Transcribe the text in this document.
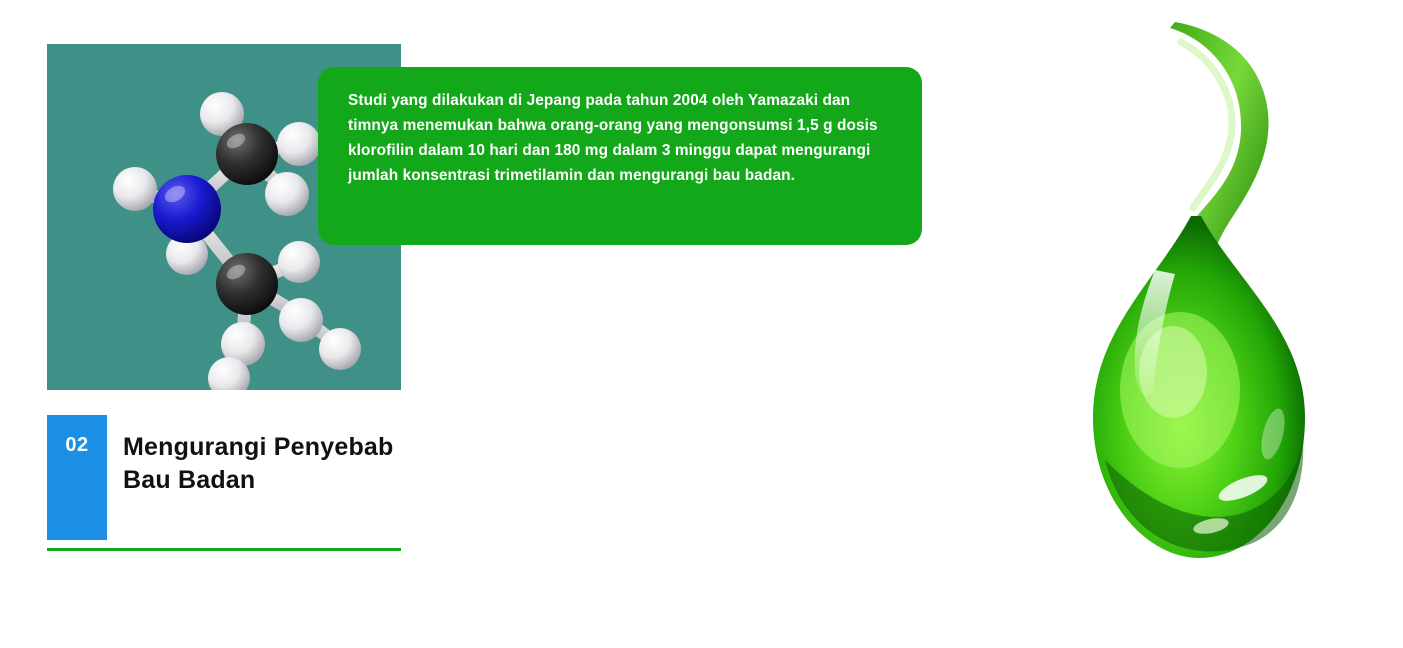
Studi yang dilakukan di Jepang pada tahun 2004 oleh Yamazaki dan timnya menemukan bahwa orang-orang yang mengonsumsi 1,5 g dosis klorofilin dalam 10 hari dan 180 mg dalam 3 minggu dapat mengurangi jumlah konsentrasi trimetilamin dan mengurangi bau badan.

02	Mengurangi Penyebab Bau Badan
